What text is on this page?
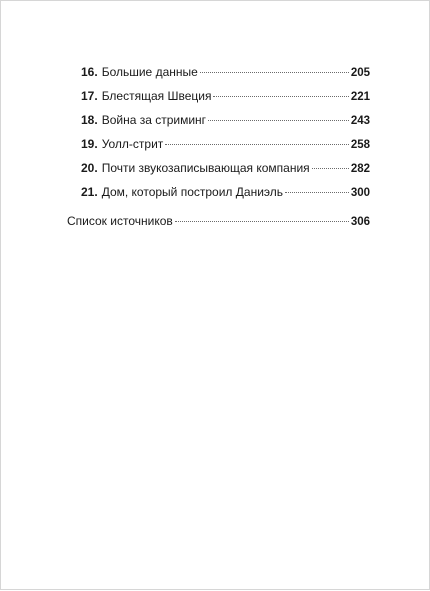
16. Большие данные	205
17. Блестящая Швеция	221
18. Война за стриминг	243
19. Уолл-стрит	258
20. Почти звукозаписывающая компания	282
21. Дом, который построил Даниэль	300
Список источников	306
